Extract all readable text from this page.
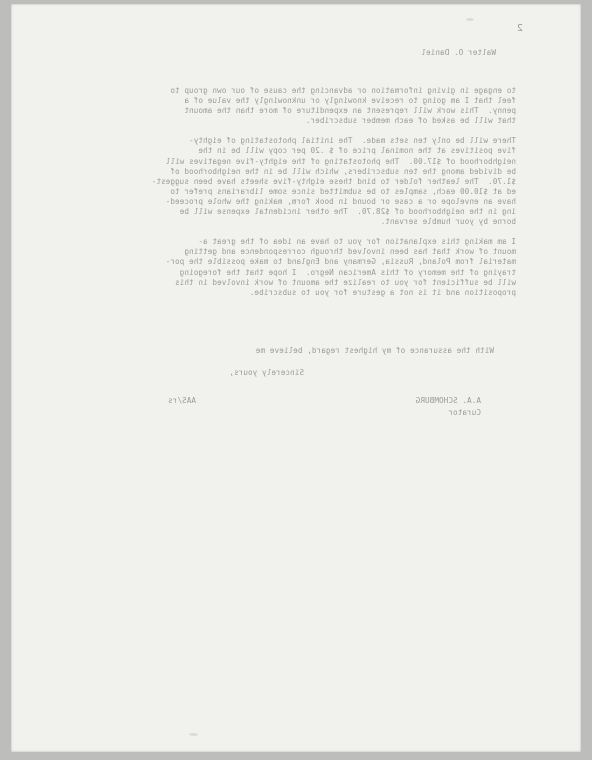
2
Walter O. Daniel

to engage in giving information or advancing the cause of our own group to
feel that I am going to receive knowingly or unknowingly the value of a
penny.  This work will represent an expenditure of more than the amount
that will be asked of each member subscriber.

There will be only ten sets made.  The initial photostating of eighty-
five positives at the nominal price of $ .20 per copy will be in the
neighborhood of $17.00.  The photostating of the eighty-five negatives will
be divided among the ten subscribers, which will be in the neighborhood of
$1.70.  The leather folder to bind these eighty-five sheets have been suggest-
ed at $10.00 each, samples to be submitted since some librarians prefer to
have an envelope or a case or bound in book form, making the whole proceed-
ing in the neighborhood of $28.70.  The other incidental expense will be
borne by your humble servant.

I am making this explanation for you to have an idea of the great a-
mount of work that has been involved through correspondence and getting
material from Poland, Russia, Germany and England to make possible the por-
traying of the memory of this American Negro.  I hope that the foregoing
will be sufficient for you to realize the amount of work involved in this
proposition and it is not a gesture for you to subscribe.

With the assurance of my highest regard, believe me
Sincerely yours,
A.A. SCHOMBURG
Curator
AAS/rs
